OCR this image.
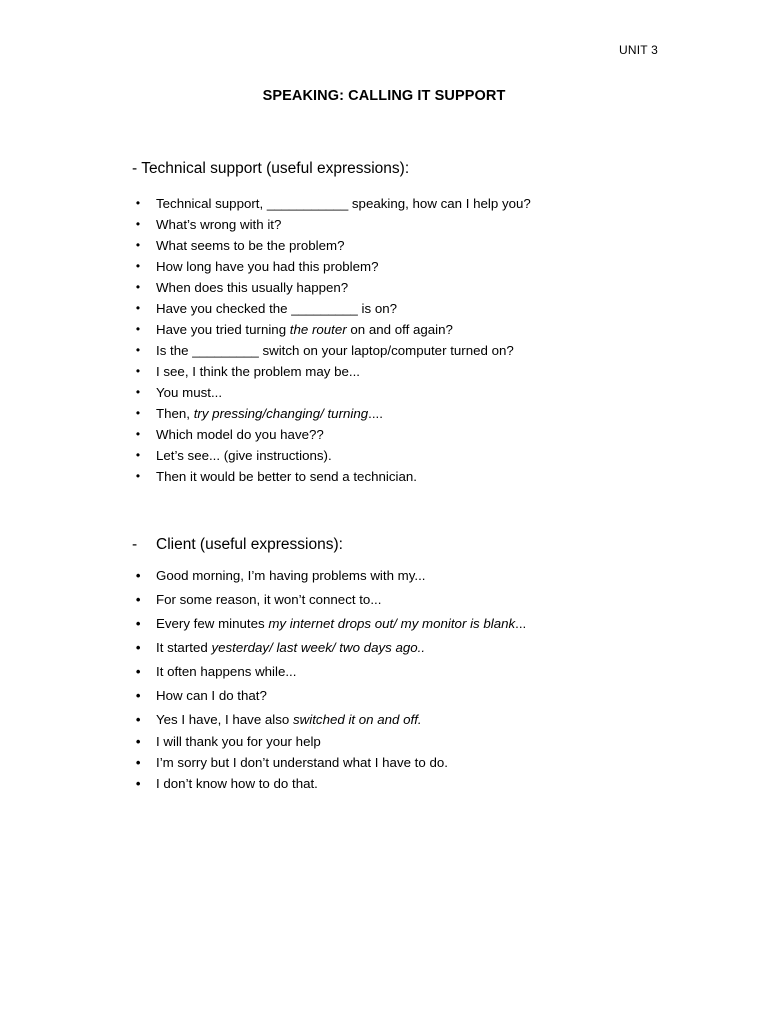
UNIT 3
SPEAKING: CALLING IT SUPPORT
- Technical support (useful expressions):
• Technical support, ___________ speaking, how can I help you?
• What’s wrong with it?
• What seems to be the problem?
• How long have you had this problem?
• When does this usually happen?
• Have you checked the _________ is on?
• Have you tried turning the router on and off again?
• Is the _________ switch on your laptop/computer turned on?
• I see, I think the problem may be...
• You must...
• Then, try pressing/changing/ turning....
• Which model do you have??
• Let’s see... (give instructions).
• Then it would be better to send a technician.
- Client (useful expressions):
• Good morning, I’m having problems with my...
• For some reason, it won’t connect to...
• Every few minutes my internet drops out/ my monitor is blank...
• It started yesterday/ last week/ two days ago..
• It often happens while...
• How can I do that?
• Yes I have, I have also switched it on and off.
• I will thank you for your help
• I’m sorry but I don’t understand what I have to do.
• I don’t know how to do that.
